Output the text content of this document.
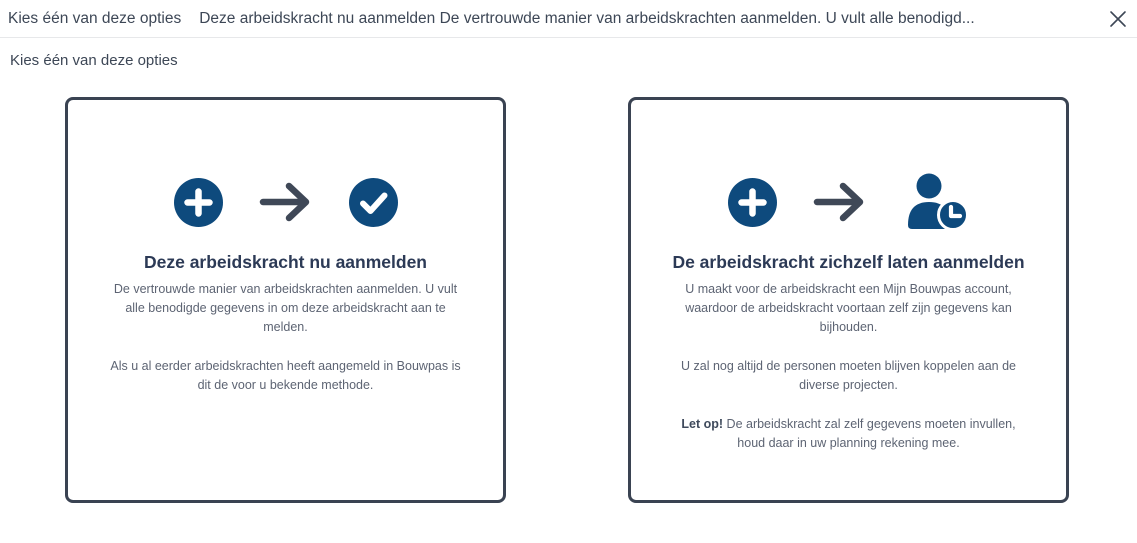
Kies één van deze opties Deze arbeidskracht nu aanmelden De vertrouwde manier van arbeidskrachten aanmelden. U vult alle benodigd...
Kies één van deze opties
Deze arbeidskracht nu aanmelden

De vertrouwde manier van arbeidskrachten aanmelden. U vult alle benodigde gegevens in om deze arbeidskracht aan te melden.

Als u al eerder arbeidskrachten heeft aangemeld in Bouwpas is dit de voor u bekende methode.

De arbeidskracht zichzelf laten aanmelden

U maakt voor de arbeidskracht een Mijn Bouwpas account, waardoor de arbeidskracht voortaan zelf zijn gegevens kan bijhouden.

U zal nog altijd de personen moeten blijven koppelen aan de diverse projecten.

Let op! De arbeidskracht zal zelf gegevens moeten invullen, houd daar in uw planning rekening mee.
